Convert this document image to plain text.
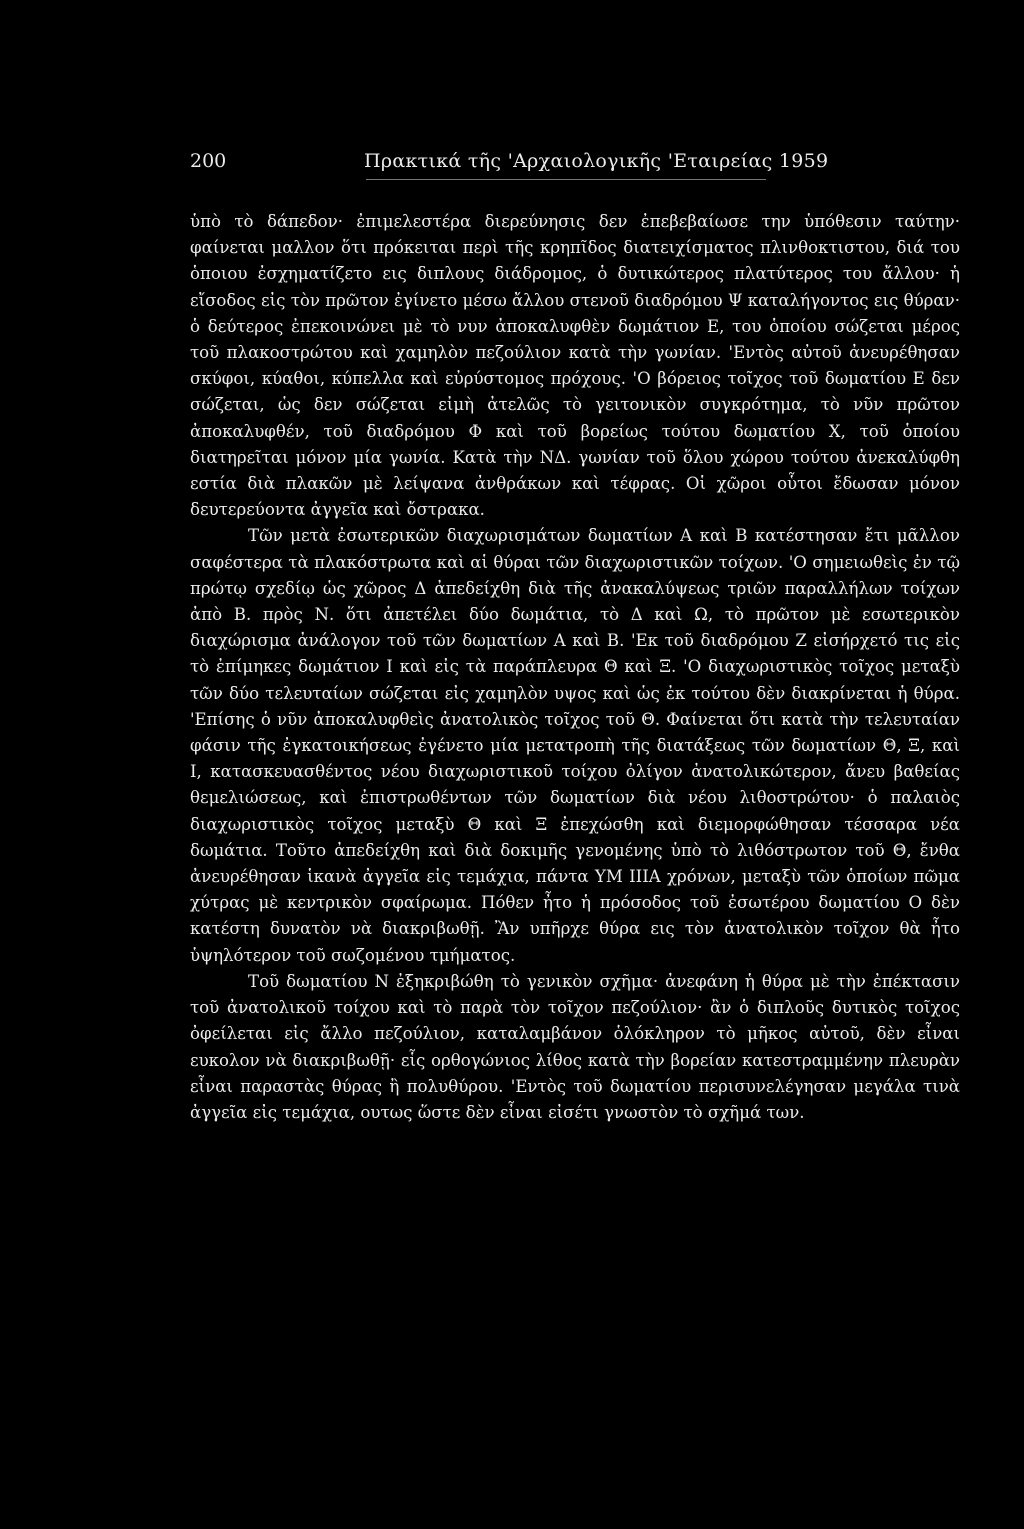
200	Πρακτικά τῆς 'Αρχαιολογικῆς 'Εταιρείας 1959

ὑπὸ τὸ δάπεδον· ἐπιμελεστέρα διερεύνησις δεν ἐπεβεβαίωσε την ὑπόθεσιν ταύτην· φαίνεται μαλλον ὅτι πρόκειται περὶ τῆς κρηπῖδος διατειχίσματος πλινθοκτιστου, διά του ὁποιου ἐσχηματίζετο εις διπλους διάδρομος, ὁ δυτικώτερος πλατύτερος του ἄλλου· ἡ εἴσοδος εἰς τὸν πρῶτον ἐγίνετο μέσω ἄλλου στενοῦ διαδρόμου Ψ καταλήγοντος εις θύραν· ὁ δεύτερος ἐπεκοινώνει μὲ τὸ νυν ἀποκαλυφθὲν δωμάτιον Ε, του ὁποίου σώζεται μέρος τοῦ πλακοστρώτου καὶ χαμηλὸν πεζούλιον κατὰ τὴν γωνίαν. 'Εντὸς αὐτοῦ ἀνευρέθησαν σκύφοι, κύαθοι, κύπελλα καὶ εὐρύστομος πρόχους. 'Ο βόρειος τοῖχος τοῦ δωματίου Ε δεν σώζεται, ὡς δεν σώζεται εἰμὴ ἀτελῶς τὸ γειτονικὸν συγκρότημα, τὸ νῦν πρῶτον ἀποκαλυφθέν, τοῦ διαδρόμου Φ καὶ τοῦ βορείως τούτου δωματίου Χ, τοῦ ὁποίου διατηρεῖται μόνον μία γωνία. Κατὰ τὴν ΝΔ. γωνίαν τοῦ ὅλου χώρου τούτου ἀνεκαλύφθη εστία διὰ πλακῶν μὲ λείψανα ἀνθράκων καὶ τέφρας. Οἱ χῶροι οὗτοι ἔδωσαν μόνον δευτερεύοντα ἀγγεῖα καὶ ὄστρακα.

Τῶν μετὰ ἐσωτερικῶν διαχωρισμάτων δωματίων Α καὶ Β κατέστησαν ἔτι μᾶλλον σαφέστερα τὰ πλακόστρωτα καὶ αἱ θύραι τῶν διαχωριστικῶν τοίχων. 'Ο σημειωθεὶς ἐν τῷ πρώτῳ σχεδίῳ ὡς χῶρος Δ ἀπεδείχθη διὰ τῆς ἀνακαλύψεως τριῶν παραλλήλων τοίχων ἀπὸ Β. πρὸς Ν. ὅτι ἀπετέλει δύο δωμάτια, τὸ Δ καὶ Ω, τὸ πρῶτον μὲ εσωτερικὸν διαχώρισμα ἀνάλογον τοῦ τῶν δωματίων Α καὶ Β. 'Εκ τοῦ διαδρόμου Ζ εἰσήρχετό τις εἰς τὸ ἐπίμηκες δωμάτιον Ι καὶ εἰς τὰ παράπλευρα Θ καὶ Ξ. 'Ο διαχωριστικὸς τοῖχος μεταξὺ τῶν δύο τελευταίων σώζεται εἰς χαμηλὸν υψος καὶ ὡς ἐκ τούτου δὲν διακρίνεται ἡ θύρα. 'Επίσης ὁ νῦν ἀποκαλυφθεὶς ἀνατολικὸς τοῖχος τοῦ Θ. Φαίνεται ὅτι κατὰ τὴν τελευταίαν φάσιν τῆς ἐγκατοικήσεως ἐγένετο μία μετατροπὴ τῆς διατάξεως τῶν δωματίων Θ, Ξ, καὶ Ι, κατασκευασθέντος νέου διαχωριστικοῦ τοίχου ὀλίγον ἀνατολικώτερον, ἄνευ βαθείας θεμελιώσεως, καὶ ἐπιστρωθέντων τῶν δωματίων διὰ νέου λιθοστρώτου· ὁ παλαιὸς διαχωριστικὸς τοῖχος μεταξὺ Θ καὶ Ξ ἐπεχώσθη καὶ διεμορφώθησαν τέσσαρα νέα δωμάτια. Τοῦτο ἀπεδείχθη καὶ διὰ δοκιμῆς γενομένης ὑπὸ τὸ λιθόστρωτον τοῦ Θ, ἔνθα ἀνευρέθησαν ἱκανὰ ἀγγεῖα εἰς τεμάχια, πάντα ΥΜ ΙΙΙΑ χρόνων, μεταξὺ τῶν ὁποίων πῶμα χύτρας μὲ κεντρικὸν σφαίρωμα. Πόθεν ἦτο ἡ πρόσοδος τοῦ ἐσωτέρου δωματίου Ο δὲν κατέστη δυνατὸν νὰ διακριβωθῇ. Ἂν υπῆρχε θύρα εις τὸν ἀνατολικὸν τοῖχον θὰ ἦτο ὑψηλότερον τοῦ σωζομένου τμήματος.

Τοῦ δωματίου Ν ἐξηκριβώθη τὸ γενικὸν σχῆμα· ἀνεφάνη ἡ θύρα μὲ τὴν ἐπέκτασιν τοῦ ἀνατολικοῦ τοίχου καὶ τὸ παρὰ τὸν τοῖχον πεζούλιον· ἂν ὁ διπλοῦς δυτικὸς τοῖχος ὀφείλεται εἰς ἄλλο πεζούλιον, καταλαμβάνον ὁλόκληρον τὸ μῆκος αὐτοῦ, δὲν εἶναι ευκολον νὰ διακριβωθῇ· εἷς ορθογώνιος λίθος κατὰ τὴν βορείαν κατεστραμμένην πλευρὰν εἶναι παραστὰς θύρας ἢ πολυθύρου. 'Εντὸς τοῦ δωματίου περισυνελέγησαν μεγάλα τινὰ ἀγγεῖα εἰς τεμάχια, ουτως ὥστε δὲν εἶναι εἰσέτι γνωστὸν τὸ σχῆμά των.
